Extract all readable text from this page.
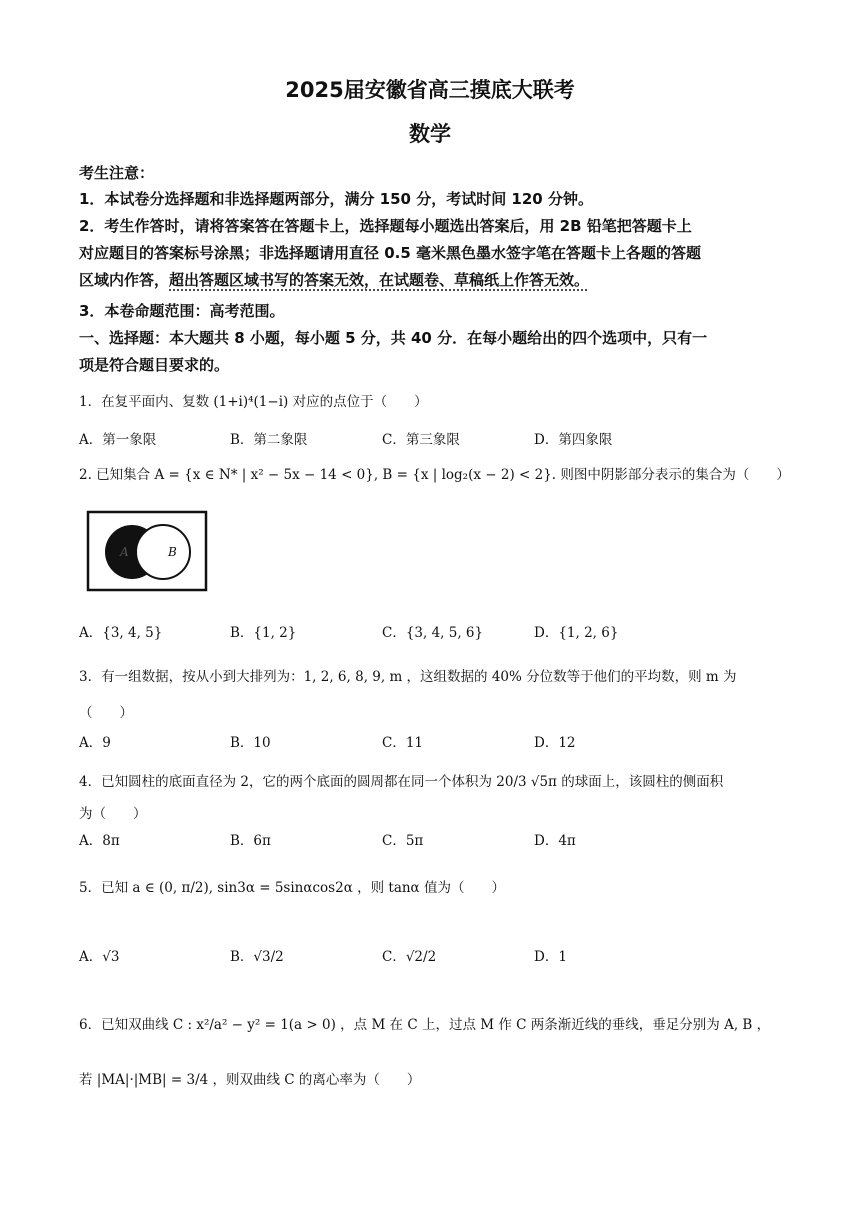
2025届安徽省高三摸底大联考
数学
考生注意：
1．本试卷分选择题和非选择题两部分，满分 150 分，考试时间 120 分钟。
2．考生作答时，请将答案答在答题卡上，选择题每小题选出答案后，用 2B 铅笔把答题卡上
对应题目的答案标号涂黑；非选择题请用直径 0.5 毫米黑色墨水签字笔在答题卡上各题的答题
区域内作答，超出答题区域书写的答案无效，在试题卷、草稿纸上作答无效。
3．本卷命题范围：高考范围。
一、选择题：本大题共 8 小题，每小题 5 分，共 40 分．在每小题给出的四个选项中，只有一
项是符合题目要求的。
1．在复平面内、复数 (1+i)⁴(1−i) 对应的点位于（　　）
A．第一象限	B．第二象限	C．第三象限	D．第四象限
2. 已知集合 A = {x ∈ N* | x² − 5x − 14 < 0}, B = {x | log₂(x − 2) < 2}. 则图中阴影部分表示的集合为（　　）
A	B
A．{3, 4, 5}	B．{1, 2}	C．{3, 4, 5, 6}	D．{1, 2, 6}
3．有一组数据，按从小到大排列为：1, 2, 6, 8, 9, m ，这组数据的 40% 分位数等于他们的平均数，则 m 为
（　　）
A．9	B．10	C．11	D．12
4．已知圆柱的底面直径为 2，它的两个底面的圆周都在同一个体积为 20/3 √5π 的球面上，该圆柱的侧面积
为（　　）
A．8π	B．6π	C．5π	D．4π
5．已知 a ∈ (0, π/2), sin3α = 5sinαcos2α ，则 tanα 值为（　　）
A．√3	B．√3/2	C．√2/2	D．1
6．已知双曲线 C : x²/a² − y² = 1(a > 0) ，点 M 在 C 上，过点 M 作 C 两条渐近线的垂线，垂足分别为 A, B ，
若 |MA|·|MB| = 3/4 ，则双曲线 C 的离心率为（　　）
